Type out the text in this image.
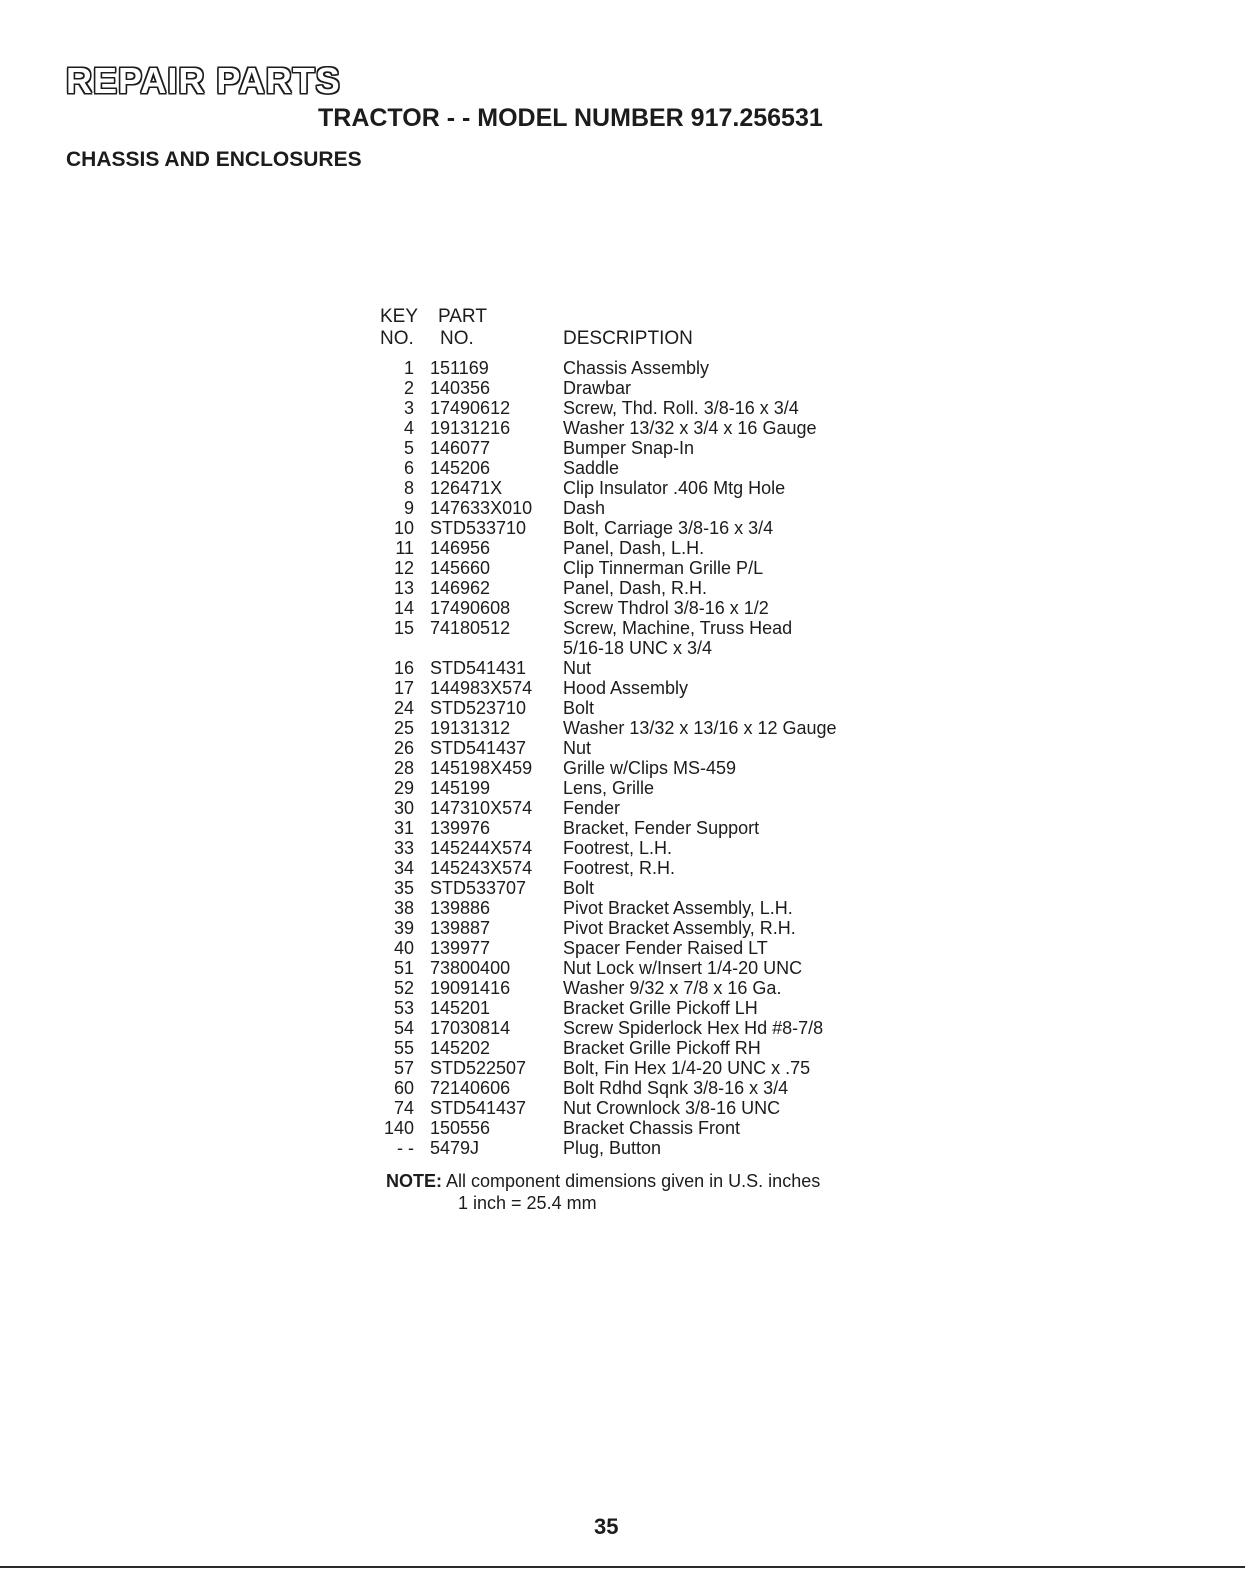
REPAIR PARTS
TRACTOR - - MODEL NUMBER 917.256531
CHASSIS AND ENCLOSURES
KEY
NO.
PART
NO.	DESCRIPTION
1 151169	Chassis Assembly
2 140356	Drawbar
3 17490612	Screw, Thd. Roll. 3/8-16 x 3/4
4 19131216	Washer 13/32 x 3/4 x 16 Gauge
5 146077	Bumper Snap-In
6 145206	Saddle
8 126471X	Clip Insulator .406 Mtg Hole
9 147633X010 Dash
10 STD533710 Bolt, Carriage 3/8-16 x 3/4
11 146956	Panel, Dash, L.H.
12 145660	Clip Tinnerman Grille P/L
13 146962	Panel, Dash, R.H.
14 17490608	Screw Thdrol 3/8-16 x 1/2
15 74180512	Screw, Machine, Truss Head
5/16-18 UNC x 3/4
16 STD541431 Nut
17 144983X574 Hood Assembly
24 STD523710 Bolt
25 19131312	Washer 13/32 x 13/16 x 12 Gauge
26 STD541437 Nut
28 145198X459 Grille w/Clips MS-459
29 145199	Lens, Grille
30 147310X574 Fender
31 139976	Bracket, Fender Support
33 145244X574 Footrest, L.H.
34 145243X574 Footrest, R.H.
35 STD533707 Bolt
38 139886	Pivot Bracket Assembly, L.H.
39 139887	Pivot Bracket Assembly, R.H.
40 139977	Spacer Fender Raised LT
51 73800400	Nut Lock w/Insert 1/4-20 UNC
52 19091416	Washer 9/32 x 7/8 x 16 Ga.
53 145201	Bracket Grille Pickoff LH
54 17030814	Screw Spiderlock Hex Hd #8-7/8
55 145202	Bracket Grille Pickoff RH
57 STD522507 Bolt, Fin Hex 1/4-20 UNC x .75
60 72140606	Bolt Rdhd Sqnk 3/8-16 x 3/4
74 STD541437 Nut Crownlock 3/8-16 UNC
140 150556	Bracket Chassis Front
- - 5479J	Plug, Button
NOTE: All component dimensions given in U.S. inches
1 inch = 25.4 mm
35
